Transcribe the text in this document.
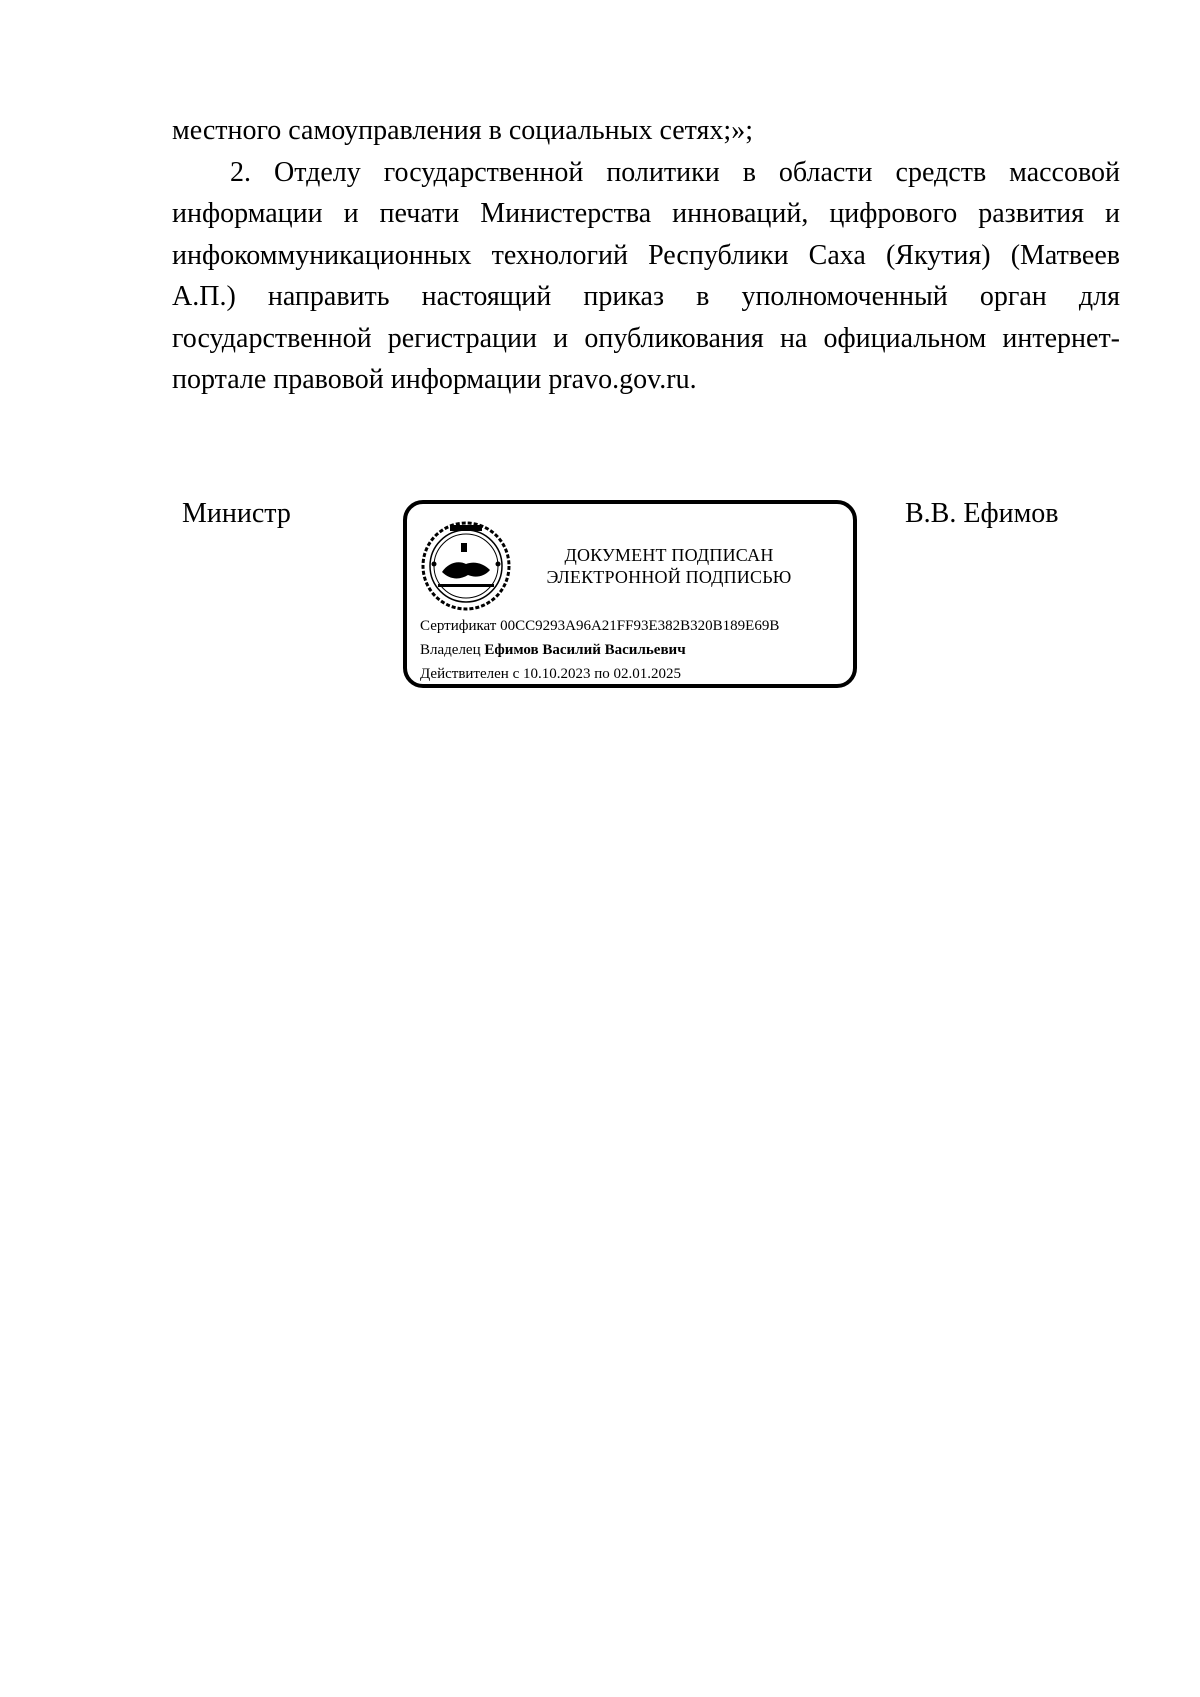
местного самоуправления в социальных сетях;»;

2. Отделу государственной политики в области средств массовой информации и печати Министерства инноваций, цифрового развития и инфокоммуникационных технологий Республики Саха (Якутия) (Матвеев А.П.) направить настоящий приказ в уполномоченный орган для государственной регистрации и опубликования на официальном интернет-портале правовой информации pravo.gov.ru.

Министр
ДОКУМЕНТ ПОДПИСАН
ЭЛЕКТРОННОЙ ПОДПИСЬЮ
Сертификат 00CC9293A96A21FF93E382B320B189E69B
Владелец Ефимов Василий Васильевич
Действителен с 10.10.2023 по 02.01.2025
В.В. Ефимов
